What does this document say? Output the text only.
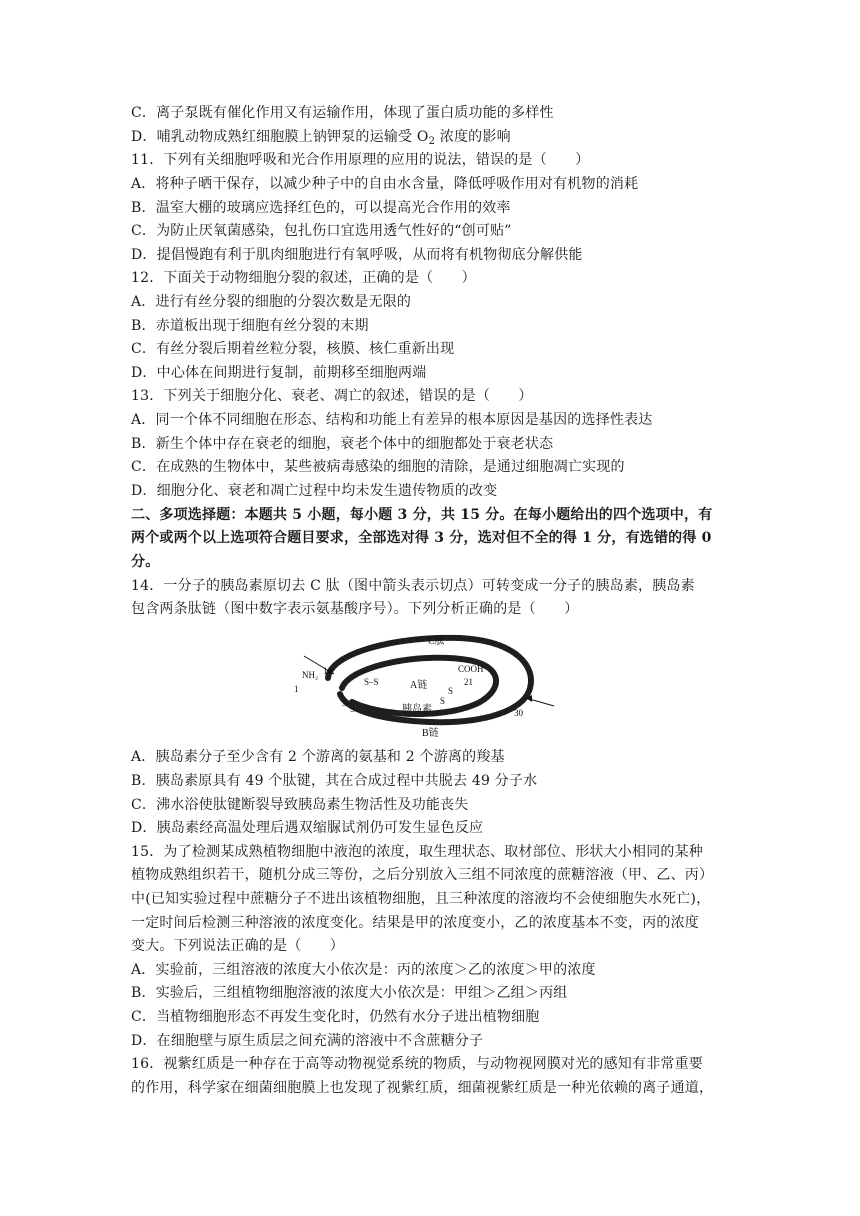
C．离子泵既有催化作用又有运输作用，体现了蛋白质功能的多样性
D．哺乳动物成熟红细胞膜上钠钾泵的运输受 $O_2$ 浓度的影响
11．下列有关细胞呼吸和光合作用原理的应用的说法，错误的是（　　）
A．将种子晒干保存，以减少种子中的自由水含量，降低呼吸作用对有机物的消耗
B．温室大棚的玻璃应选择红色的，可以提高光合作用的效率
C．为防止厌氧菌感染，包扎伤口宜选用透气性好的“创可贴”
D．提倡慢跑有利于肌肉细胞进行有氧呼吸，从而将有机物彻底分解供能
12．下面关于动物细胞分裂的叙述，正确的是（　　）
A．进行有丝分裂的细胞的分裂次数是无限的
B．赤道板出现于细胞有丝分裂的末期
C．有丝分裂后期着丝粒分裂，核膜、核仁重新出现
D．中心体在间期进行复制，前期移至细胞两端
13．下列关于细胞分化、衰老、凋亡的叙述，错误的是（　　）
A．同一个体不同细胞在形态、结构和功能上有差异的根本原因是基因的选择性表达
B．新生个体中存在衰老的细胞，衰老个体中的细胞都处于衰老状态
C．在成熟的生物体中，某些被病毒感染的细胞的清除，是通过细胞凋亡实现的
D．细胞分化、衰老和凋亡过程中均未发生遗传物质的改变
二、多项选择题：本题共 5 小题，每小题 3 分，共 15 分。在每小题给出的四个选项中，有
两个或两个以上选项符合题目要求，全部选对得 3 分，选对但不全的得 1 分，有选错的得 0
分。
14．一分子的胰岛素原切去 C 肽（图中箭头表示切点）可转变成一分子的胰岛素，胰岛素
包含两条肽链（图中数字表示氨基酸序号）。下列分析正确的是（　　）
C肽
NH₂ 1
1
COOH
21
30
S–S
S
S
S
S
A链
胰岛素
B链
A．胰岛素分子至少含有 2 个游离的氨基和 2 个游离的羧基
B．胰岛素原具有 49 个肽键，其在合成过程中共脱去 49 分子水
C．沸水浴使肽键断裂导致胰岛素生物活性及功能丧失
D．胰岛素经高温处理后遇双缩脲试剂仍可发生显色反应
15．为了检测某成熟植物细胞中液泡的浓度，取生理状态、取材部位、形状大小相同的某种
植物成熟组织若干，随机分成三等份，之后分别放入三组不同浓度的蔗糖溶液（甲、乙、丙）
中(已知实验过程中蔗糖分子不进出该植物细胞，且三种浓度的溶液均不会使细胞失水死亡)，
一定时间后检测三种溶液的浓度变化。结果是甲的浓度变小，乙的浓度基本不变，丙的浓度
变大。下列说法正确的是（　　）
A．实验前，三组溶液的浓度大小依次是：丙的浓度＞乙的浓度＞甲的浓度
B．实验后，三组植物细胞溶液的浓度大小依次是：甲组＞乙组＞丙组
C．当植物细胞形态不再发生变化时，仍然有水分子进出植物细胞
D．在细胞壁与原生质层之间充满的溶液中不含蔗糖分子
16．视紫红质是一种存在于高等动物视觉系统的物质，与动物视网膜对光的感知有非常重要
的作用，科学家在细菌细胞膜上也发现了视紫红质，细菌视紫红质是一种光依赖的离子通道，
